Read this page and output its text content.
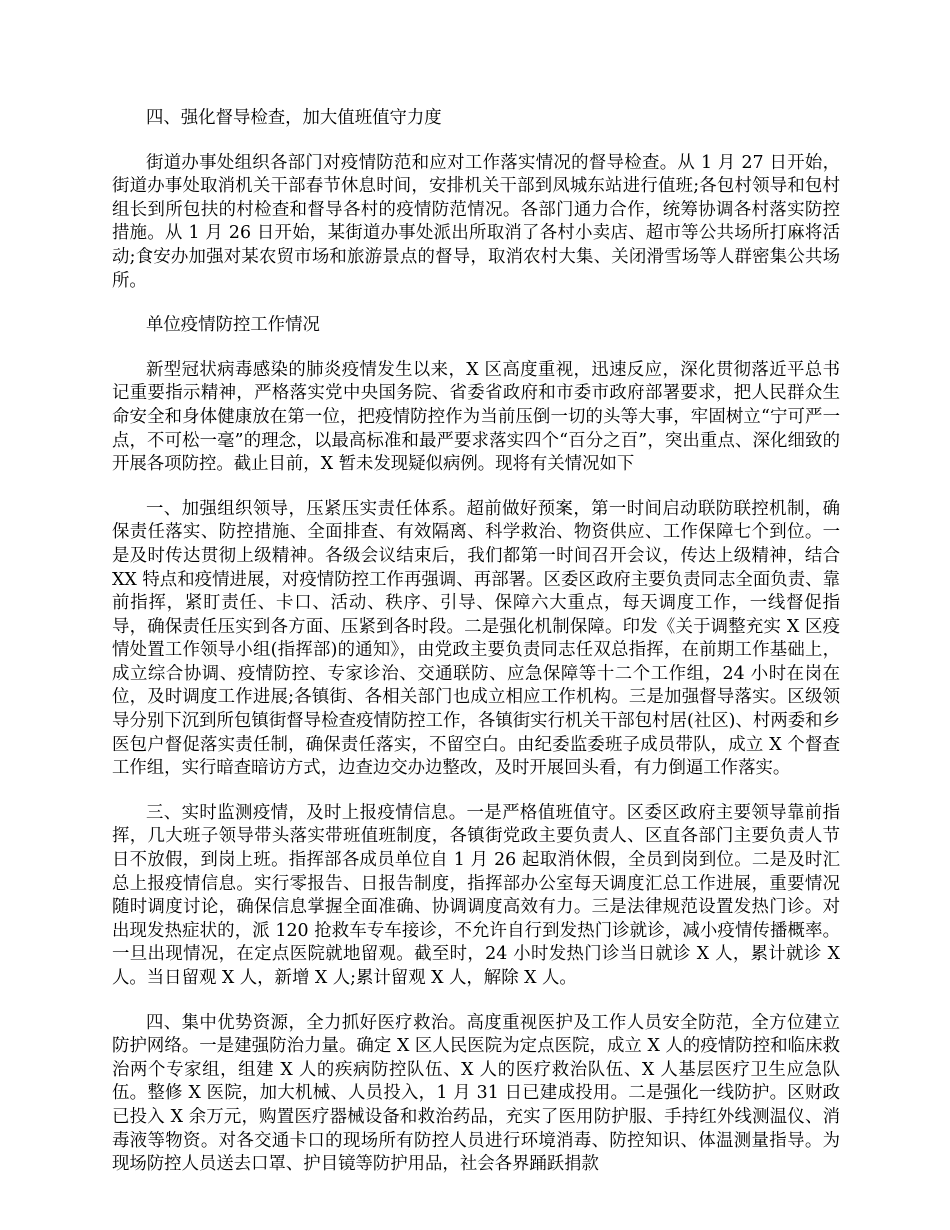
四、强化督导检查，加大值班值守力度

街道办事处组织各部门对疫情防范和应对工作落实情况的督导检查。从 1 月 27 日开始，街道办事处取消机关干部春节休息时间，安排机关干部到凤城东站进行值班;各包村领导和包村组长到所包扶的村检查和督导各村的疫情防范情况。各部门通力合作，统筹协调各村落实防控措施。从 1 月 26 日开始，某街道办事处派出所取消了各村小卖店、超市等公共场所打麻将活动;食安办加强对某农贸市场和旅游景点的督导，取消农村大集、关闭滑雪场等人群密集公共场所。

单位疫情防控工作情况

新型冠状病毒感染的肺炎疫情发生以来，X 区高度重视，迅速反应，深化贯彻落近平总书记重要指示精神，严格落实党中央国务院、省委省政府和市委市政府部署要求，把人民群众生命安全和身体健康放在第一位，把疫情防控作为当前压倒一切的头等大事，牢固树立“宁可严一点，不可松一毫”的理念，以最高标准和最严要求落实四个“百分之百”，突出重点、深化细致的开展各项防控。截止目前，X 暂未发现疑似病例。现将有关情况如下

一、加强组织领导，压紧压实责任体系。超前做好预案，第一时间启动联防联控机制，确保责任落实、防控措施、全面排查、有效隔离、科学救治、物资供应、工作保障七个到位。一是及时传达贯彻上级精神。各级会议结束后，我们都第一时间召开会议，传达上级精神，结合 XX 特点和疫情进展，对疫情防控工作再强调、再部署。区委区政府主要负责同志全面负责、靠前指挥，紧盯责任、卡口、活动、秩序、引导、保障六大重点，每天调度工作，一线督促指导，确保责任压实到各方面、压紧到各时段。二是强化机制保障。印发《关于调整充实 X 区疫情处置工作领导小组(指挥部)的通知》，由党政主要负责同志任双总指挥，在前期工作基础上，成立综合协调、疫情防控、专家诊治、交通联防、应急保障等十二个工作组，24 小时在岗在位，及时调度工作进展;各镇街、各相关部门也成立相应工作机构。三是加强督导落实。区级领导分别下沉到所包镇街督导检查疫情防控工作，各镇街实行机关干部包村居(社区)、村两委和乡医包户督促落实责任制，确保责任落实，不留空白。由纪委监委班子成员带队，成立 X 个督查工作组，实行暗查暗访方式，边查边交办边整改，及时开展回头看，有力倒逼工作落实。

三、实时监测疫情，及时上报疫情信息。一是严格值班值守。区委区政府主要领导靠前指挥，几大班子领导带头落实带班值班制度，各镇街党政主要负责人、区直各部门主要负责人节日不放假，到岗上班。指挥部各成员单位自 1 月 26 起取消休假，全员到岗到位。二是及时汇总上报疫情信息。实行零报告、日报告制度，指挥部办公室每天调度汇总工作进展，重要情况随时调度讨论，确保信息掌握全面准确、协调调度高效有力。三是法律规范设置发热门诊。对出现发热症状的，派 120 抢救车专车接诊，不允许自行到发热门诊就诊，减小疫情传播概率。一旦出现情况，在定点医院就地留观。截至时，24 小时发热门诊当日就诊 X 人，累计就诊 X 人。当日留观 X 人，新增 X 人;累计留观 X 人，解除 X 人。

四、集中优势资源，全力抓好医疗救治。高度重视医护及工作人员安全防范，全方位建立防护网络。一是建强防治力量。确定 X 区人民医院为定点医院，成立 X 人的疫情防控和临床救治两个专家组，组建 X 人的疾病防控队伍、X 人的医疗救治队伍、X 人基层医疗卫生应急队伍。整修 X 医院，加大机械、人员投入，1 月 31 日已建成投用。二是强化一线防护。区财政已投入 X 余万元，购置医疗器械设备和救治药品，充实了医用防护服、手持红外线测温仪、消毒液等物资。对各交通卡口的现场所有防控人员进行环境消毒、防控知识、体温测量指导。为现场防控人员送去口罩、护目镜等防护用品，社会各界踊跃捐款
